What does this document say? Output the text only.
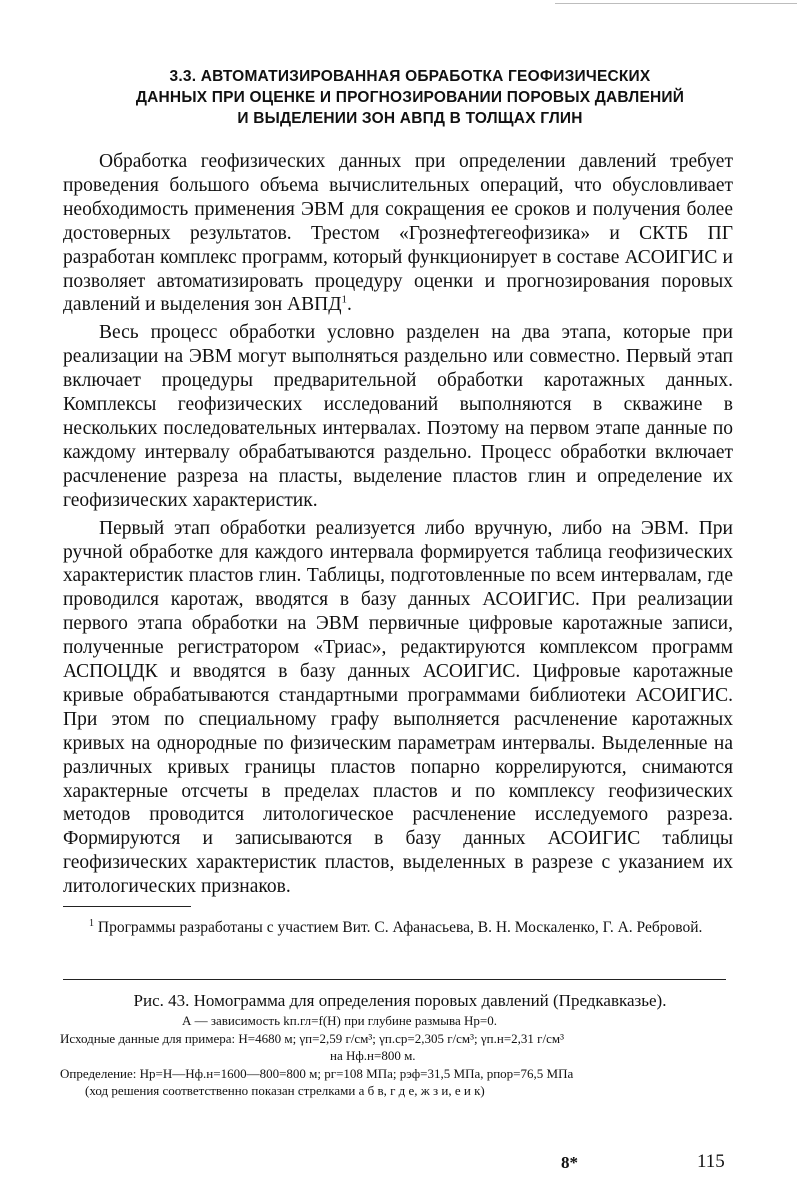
3.3. АВТОМАТИЗИРОВАННАЯ ОБРАБОТКА ГЕОФИЗИЧЕСКИХ
ДАННЫХ ПРИ ОЦЕНКЕ И ПРОГНОЗИРОВАНИИ ПОРОВЫХ ДАВЛЕНИЙ
И ВЫДЕЛЕНИИ ЗОН АВПД В ТОЛЩАХ ГЛИН

Обработка геофизических данных при определении давлений требует проведения большого объема вычислительных операций, что обусловливает необходимость применения ЭВМ для сокращения ее сроков и получения более достоверных результатов. Трестом «Грознефтегеофизика» и СКТБ ПГ разработан комплекс программ, который функционирует в составе АСОИГИС и позволяет автоматизировать процедуру оценки и прогнозирования поровых давлений и выделения зон АВПД$^1$.

Весь процесс обработки условно разделен на два этапа, которые при реализации на ЭВМ могут выполняться раздельно или совместно. Первый этап включает процедуры предварительной обработки каротажных данных. Комплексы геофизических исследований выполняются в скважине в нескольких последовательных интервалах. Поэтому на первом этапе данные по каждому интервалу обрабатываются раздельно. Процесс обработки включает расчленение разреза на пласты, выделение пластов глин и определение их геофизических характеристик.

Первый этап обработки реализуется либо вручную, либо на ЭВМ. При ручной обработке для каждого интервала формируется таблица геофизических характеристик пластов глин. Таблицы, подготовленные по всем интервалам, где проводился каротаж, вводятся в базу данных АСОИГИС. При реализации первого этапа обработки на ЭВМ первичные цифровые каротажные записи, полученные регистратором «Триас», редактируются комплексом программ АСПОЦДК и вводятся в базу данных АСОИГИС. Цифровые каротажные кривые обрабатываются стандартными программами библиотеки АСОИГИС. При этом по специальному графу выполняется расчленение каротажных кривых на однородные по физическим параметрам интервалы. Выделенные на различных кривых границы пластов попарно коррелируются, снимаются характерные отсчеты в пределах пластов и по комплексу геофизических методов проводится литологическое расчленение исследуемого разреза. Формируются и записываются в базу данных АСОИГИС таблицы геофизических характеристик пластов, выделенных в разрезе с указанием их литологических признаков.

$^1$ Программы разработаны с участием Вит. С. Афанасьева, В. Н. Москаленко, Г. А. Ребровой.
Рис. 43. Номограмма для определения поровых давлений (Предкавказье).
А — зависимость kп.гл=f(H) при глубине размыва Hр=0.
Исходные данные для примера: H=4680 м; γп=2,59 г/см³; γп.ср=2,305 г/см³; γп.н=2,31 г/см³
на Hф.н=800 м.
Определение: Hр=H—Hф.н=1600—800=800 м; pг=108 МПа; pэф=31,5 МПа, pпор=76,5 МПа
(ход решения соответственно показан стрелками а б в, г д е, ж з и, е и к)
8*	115
